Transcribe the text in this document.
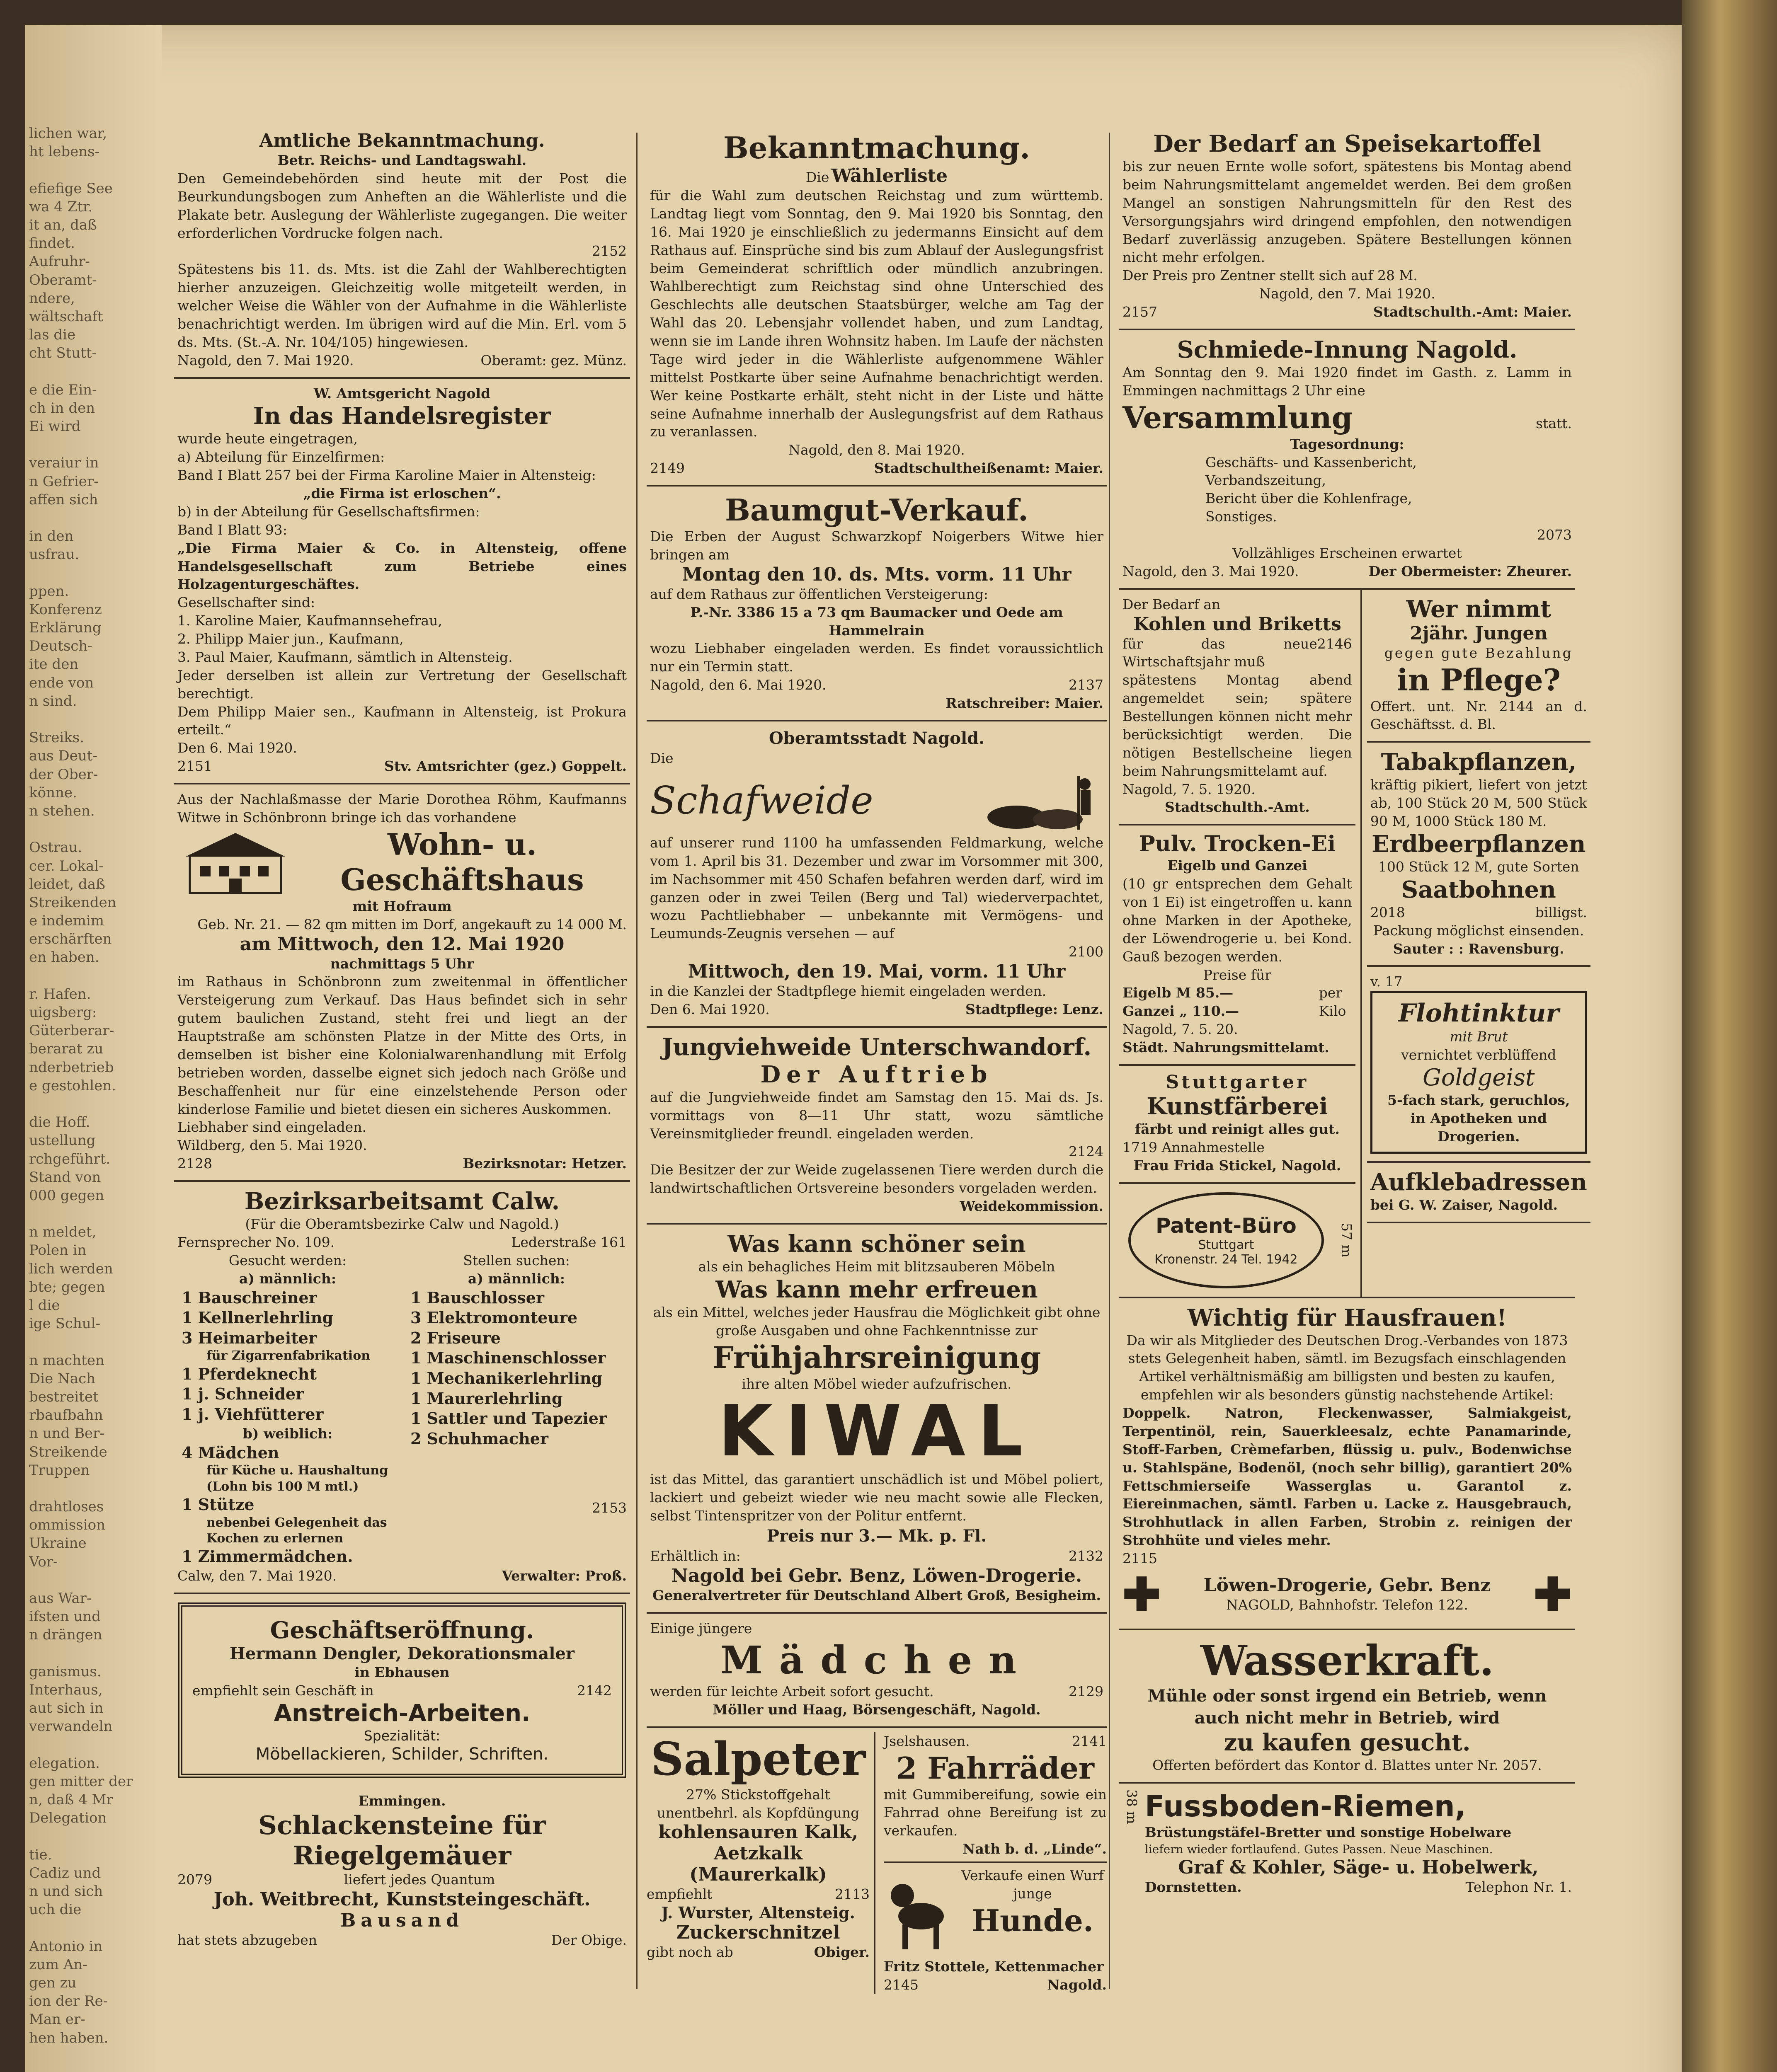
lichen war,
ht lebens-

efiefige See
wa 4 Ztr.
it an, daß
findet.
Aufruhr-
Oberamt-
ndere,
wältschaft
las die
cht Stutt-

e die Ein-
ch in den
Ei wird

veraiur in
n Gefrier-
affen sich

in den
usfrau.

ppen.
Konferenz
Erklärung
Deutsch-
ite den
ende von
n sind.

Streiks.
aus Deut-
der Ober-
könne.
n stehen.

Ostrau.
cer. Lokal-
leidet, daß
Streikenden
e indemim
erschärften
en haben.

r. Hafen.
uigsberg:
Güterberar-
berarat zu
nderbetrieb
e gestohlen.

die Hoff.
ustellung
rchgeführt.
Stand von
000 gegen

n meldet,
Polen in
lich werden
bte; gegen
l die
ige Schul-

n machten
Die Nach
bestreitet
rbaufbahn
n und Ber-
Streikende
Truppen

drahtloses
ommission
Ukraine
Vor-

aus War-
ifsten und
n drängen

ganismus.
Interhaus,
aut sich in
verwandeln

elegation.
gen mitter der
n, daß 4 Mr
Delegation

tie.
Cadiz und
n und sich
uch die

Antonio in
zum An-
gen zu
ion der Re-
Man er-
hen haben.
Amtliche Bekanntmachung.
Betr. Reichs- und Landtagswahl.

Den Gemeindebehörden sind heute mit der Post die Beurkundungsbogen zum Anheften an die Wählerliste und die Plakate betr. Auslegung der Wählerliste zugegangen. Die weiter erforderlichen Vordrucke folgen nach.

2152

Spätestens bis 11. ds. Mts. ist die Zahl der Wahlberechtigten hierher anzuzeigen. Gleichzeitig wolle mitgeteilt werden, in welcher Weise die Wähler von der Aufnahme in die Wählerliste benachrichtigt werden. Im übrigen wird auf die Min. Erl. vom 5 ds. Mts. (St.-A. Nr. 104/105) hingewiesen.

Nagold, den 7. Mai 1920.	Oberamt: gez. Münz.
W. Amtsgericht Nagold
In das Handelsregister

wurde heute eingetragen,

a) Abteilung für Einzelfirmen:

Band I Blatt 257 bei der Firma Karoline Maier in Altensteig:

„die Firma ist erloschen“.

b) in der Abteilung für Gesellschaftsfirmen:

Band I Blatt 93:

„Die Firma Maier & Co. in Altensteig, offene Handelsgesellschaft zum Betriebe eines Holzagenturgeschäftes.

Gesellschafter sind:

1. Karoline Maier, Kaufmannsehefrau,

2. Philipp Maier jun., Kaufmann,

3. Paul Maier, Kaufmann, sämtlich in Altensteig.

Jeder derselben ist allein zur Vertretung der Gesellschaft berechtigt.

Dem Philipp Maier sen., Kaufmann in Altensteig, ist Prokura erteilt.“

Den 6. Mai 1920.

2151	Stv. Amtsrichter (gez.) Goppelt.

Aus der Nachlaßmasse der Marie Dorothea Röhm, Kaufmanns Witwe in Schönbronn bringe ich das vorhandene

Wohn- u. Geschäftshaus
mit Hofraum

Geb. Nr. 21. — 82 qm mitten im Dorf, angekauft zu 14 000 M.

am Mittwoch, den 12. Mai 1920
nachmittags 5 Uhr

im Rathaus in Schönbronn zum zweitenmal in öffentlicher Versteigerung zum Verkauf. Das Haus befindet sich in sehr gutem baulichen Zustand, steht frei und liegt an der Hauptstraße am schönsten Platze in der Mitte des Orts, in demselben ist bisher eine Kolonialwarenhandlung mit Erfolg betrieben worden, dasselbe eignet sich jedoch nach Größe und Beschaffenheit nur für eine einzelstehende Person oder kinderlose Familie und bietet diesen ein sicheres Auskommen.

Liebhaber sind eingeladen.

Wildberg, den 5. Mai 1920.

2128	Bezirksnotar: Hetzer.
Bezirksarbeitsamt Calw.
(Für die Oberamtsbezirke Calw und Nagold.)
Fernsprecher No. 109.	Lederstraße 161
Gesucht werden:
a) männlich:
1 Bauschreiner
1 Kellnerlehrling
3 Heimarbeiter
für Zigarrenfabrikation
1 Pferdeknecht
1 j. Schneider
1 j. Viehfütterer
b) weiblich:
4 Mädchen
für Küche u. Haushaltung
(Lohn bis 100 M mtl.)
1 Stütze
nebenbei Gelegenheit das
Kochen zu erlernen
1 Zimmermädchen.
Stellen suchen:
a) männlich:
1 Bauschlosser
3 Elektromonteure
2 Friseure
1 Maschinenschlosser
1 Mechanikerlehrling
1 Maurerlehrling
1 Sattler und Tapezier
2 Schuhmacher
2153
Calw, den 7. Mai 1920.	Verwalter: Proß.
Geschäftseröffnung.
Hermann Dengler, Dekorationsmaler
in Ebhausen
empfiehlt sein Geschäft in	2142
Anstreich-Arbeiten.
Spezialität:
Möbellackieren, Schilder, Schriften.
Emmingen.
Schlackensteine für Riegelgemäuer
2079	liefert jedes Quantum
Joh. Weitbrecht, Kunststeingeschäft.
Bausand
hat stets abzugeben	Der Obige.
Bekanntmachung.
Die Wählerliste

für die Wahl zum deutschen Reichstag und zum württemb. Landtag liegt vom Sonntag, den 9. Mai 1920 bis Sonntag, den 16. Mai 1920 je einschließlich zu jedermanns Einsicht auf dem Rathaus auf. Einsprüche sind bis zum Ablauf der Auslegungsfrist beim Gemeinderat schriftlich oder mündlich anzubringen. Wahlberechtigt zum Reichstag sind ohne Unterschied des Geschlechts alle deutschen Staatsbürger, welche am Tag der Wahl das 20. Lebensjahr vollendet haben, und zum Landtag, wenn sie im Lande ihren Wohnsitz haben. Im Laufe der nächsten Tage wird jeder in die Wählerliste aufgenommene Wähler mittelst Postkarte über seine Aufnahme benachrichtigt werden. Wer keine Postkarte erhält, steht nicht in der Liste und hätte seine Aufnahme innerhalb der Auslegungsfrist auf dem Rathaus zu veranlassen.

Nagold, den 8. Mai 1920.

2149	Stadtschultheißenamt: Maier.
Baumgut-Verkauf.

Die Erben der August Schwarzkopf Noigerbers Witwe hier bringen am

Montag den 10. ds. Mts. vorm. 11 Uhr

auf dem Rathaus zur öffentlichen Versteigerung:

P.-Nr. 3386 15 a 73 qm Baumacker und Oede am Hammelrain

wozu Liebhaber eingeladen werden. Es findet voraussichtlich nur ein Termin statt.

Nagold, den 6. Mai 1920.	2137
Ratschreiber: Maier.
Oberamtsstadt Nagold.
Die
Schafweide

auf unserer rund 1100 ha umfassenden Feldmarkung, welche vom 1. April bis 31. Dezember und zwar im Vorsommer mit 300, im Nachsommer mit 450 Schafen befahren werden darf, wird im ganzen oder in zwei Teilen (Berg und Tal) wiederverpachtet, wozu Pachtliebhaber — unbekannte mit Vermögens- und Leumunds-Zeugnis versehen — auf

2100
Mittwoch, den 19. Mai, vorm. 11 Uhr

in die Kanzlei der Stadtpflege hiemit eingeladen werden.

Den 6. Mai 1920.	Stadtpflege: Lenz.
Jungviehweide Unterschwandorf.
Der Auftrieb

auf die Jungviehweide findet am Samstag den 15. Mai ds. Js. vormittags von 8—11 Uhr statt, wozu sämtliche Vereinsmitglieder freundl. eingeladen werden.

2124

Die Besitzer der zur Weide zugelassenen Tiere werden durch die landwirtschaftlichen Ortsvereine besonders vorgeladen werden.

Weidekommission.
Was kann schöner sein

als ein behagliches Heim mit blitzsauberen Möbeln

Was kann mehr erfreuen

als ein Mittel, welches jeder Hausfrau die Möglichkeit gibt ohne große Ausgaben und ohne Fachkenntnisse zur

Frühjahrsreinigung

ihre alten Möbel wieder aufzufrischen.

KIWAL

ist das Mittel, das garantiert unschädlich ist und Möbel poliert, lackiert und gebeizt wieder wie neu macht sowie alle Flecken, selbst Tintenspritzer von der Politur entfernt.

Preis nur 3.— Mk. p. Fl.
Erhältlich in:	2132
Nagold bei Gebr. Benz, Löwen-Drogerie.
Generalvertreter für Deutschland Albert Groß, Besigheim.
Einige jüngere
Mädchen
werden für leichte Arbeit sofort gesucht.	2129
Möller und Haag, Börsengeschäft, Nagold.
Salpeter
27% Stickstoffgehalt
unentbehrl. als Kopfdüngung
kohlensauren Kalk,
Aetzkalk (Maurerkalk)
empfiehlt	2113
J. Wurster, Altensteig.
Zuckerschnitzel
gibt noch ab	Obiger.
Jselshausen.	2141
2 Fahrräder

mit Gummibereifung, sowie ein Fahrrad ohne Bereifung ist zu verkaufen.

Nath b. d. „Linde“.

Verkaufe einen Wurf junge

Hunde.
Fritz Stottele, Kettenmacher
2145	Nagold.
Der Bedarf an Speisekartoffel

bis zur neuen Ernte wolle sofort, spätestens bis Montag abend beim Nahrungsmittelamt angemeldet werden. Bei dem großen Mangel an sonstigen Nahrungsmitteln für den Rest des Versorgungsjahrs wird dringend empfohlen, den notwendigen Bedarf zuverlässig anzugeben. Spätere Bestellungen können nicht mehr erfolgen.

Der Preis pro Zentner stellt sich auf 28 M.

Nagold, den 7. Mai 1920.

2157	Stadtschulth.-Amt: Maier.
Schmiede-Innung Nagold.

Am Sonntag den 9. Mai 1920 findet im Gasth. z. Lamm in Emmingen nachmittags 2 Uhr eine

Versammlung	statt.
Tagesordnung:
Geschäfts- und Kassenbericht,
Verbandszeitung,
Bericht über die Kohlenfrage,
Sonstiges.
2073

Vollzähliges Erscheinen erwartet

Nagold, den 3. Mai 1920.	Der Obermeister: Zheurer.
Der Bedarf an
Kohlen und Briketts
für das neue Wirtschaftsjahr muß
2146

spätestens Montag abend angemeldet sein; spätere Bestellungen können nicht mehr berücksichtigt werden. Die nötigen Bestellscheine liegen beim Nahrungsmittelamt auf.

Nagold, 7. 5. 1920.
Stadtschulth.-Amt.
Pulv. Trocken-Ei
Eigelb und Ganzei

(10 gr entsprechen dem Gehalt von 1 Ei) ist eingetroffen u. kann ohne Marken in der Apotheke, der Löwendrogerie u. bei Kond. Gauß bezogen werden.

Preise für
Eigelb M 85.—
Ganzei „ 110.—
per Kilo
Nagold, 7. 5. 20.
Städt. Nahrungsmittelamt.
Stuttgarter
Kunstfärberei
färbt und reinigt alles gut.
1719 Annahmestelle
Frau Frida Stickel, Nagold.
Patent-Büro
Stuttgart
Kronenstr. 24 Tel. 1942
57 m
Wer nimmt
2jähr. Jungen
gegen gute Bezahlung
in Pflege?

Offert. unt. Nr. 2144 an d. Geschäftsst. d. Bl.

Tabakpflanzen,

kräftig pikiert, liefert von jetzt ab, 100 Stück 20 M, 500 Stück 90 M, 1000 Stück 180 M.

Erdbeerpflanzen
100 Stück 12 M, gute Sorten
Saatbohnen
2018	billigst.
Packung möglichst einsenden.
Sauter : : Ravensburg.
v. 17
Flohtinktur
mit Brut
vernichtet verblüffend
Goldgeist
5-fach stark, geruchlos,
in Apotheken und Drogerien.
Aufklebadressen
bei G. W. Zaiser, Nagold.
Wichtig für Hausfrauen!

Da wir als Mitglieder des Deutschen Drog.-Verbandes von 1873 stets Gelegenheit haben, sämtl. im Bezugsfach einschlagenden Artikel verhältnismäßig am billigsten und besten zu kaufen, empfehlen wir als besonders günstig nachstehende Artikel:

Doppelk. Natron, Fleckenwasser, Salmiakgeist, Terpentinöl, rein, Sauerkleesalz, echte Panamarinde, Stoff-Farben, Crèmefarben, flüssig u. pulv., Bodenwichse u. Stahlspäne, Bodenöl, (noch sehr billig), garantiert 20% Fettschmierseife Wasserglas u. Garantol z. Eiereinmachen, sämtl. Farben u. Lacke z. Hausgebrauch, Strohhutlack in allen Farben, Strobin z. reinigen der Strohhüte und vieles mehr.

2115
✚ Löwen-Drogerie, Gebr. Benz
NAGOLD, Bahnhofstr. Telefon 122.	✚
Wasserkraft.

Mühle oder sonst irgend ein Betrieb, wenn auch nicht mehr in Betrieb, wird

zu kaufen gesucht.
Offerten befördert das Kontor d. Blattes unter Nr. 2057.
38 m Fussboden-Riemen,
Brüstungstäfel-Bretter und sonstige Hobelware
liefern wieder fortlaufend. Gutes Passen. Neue Maschinen.
Graf & Kohler, Säge- u. Hobelwerk,
Dornstetten.	Telephon Nr. 1.
